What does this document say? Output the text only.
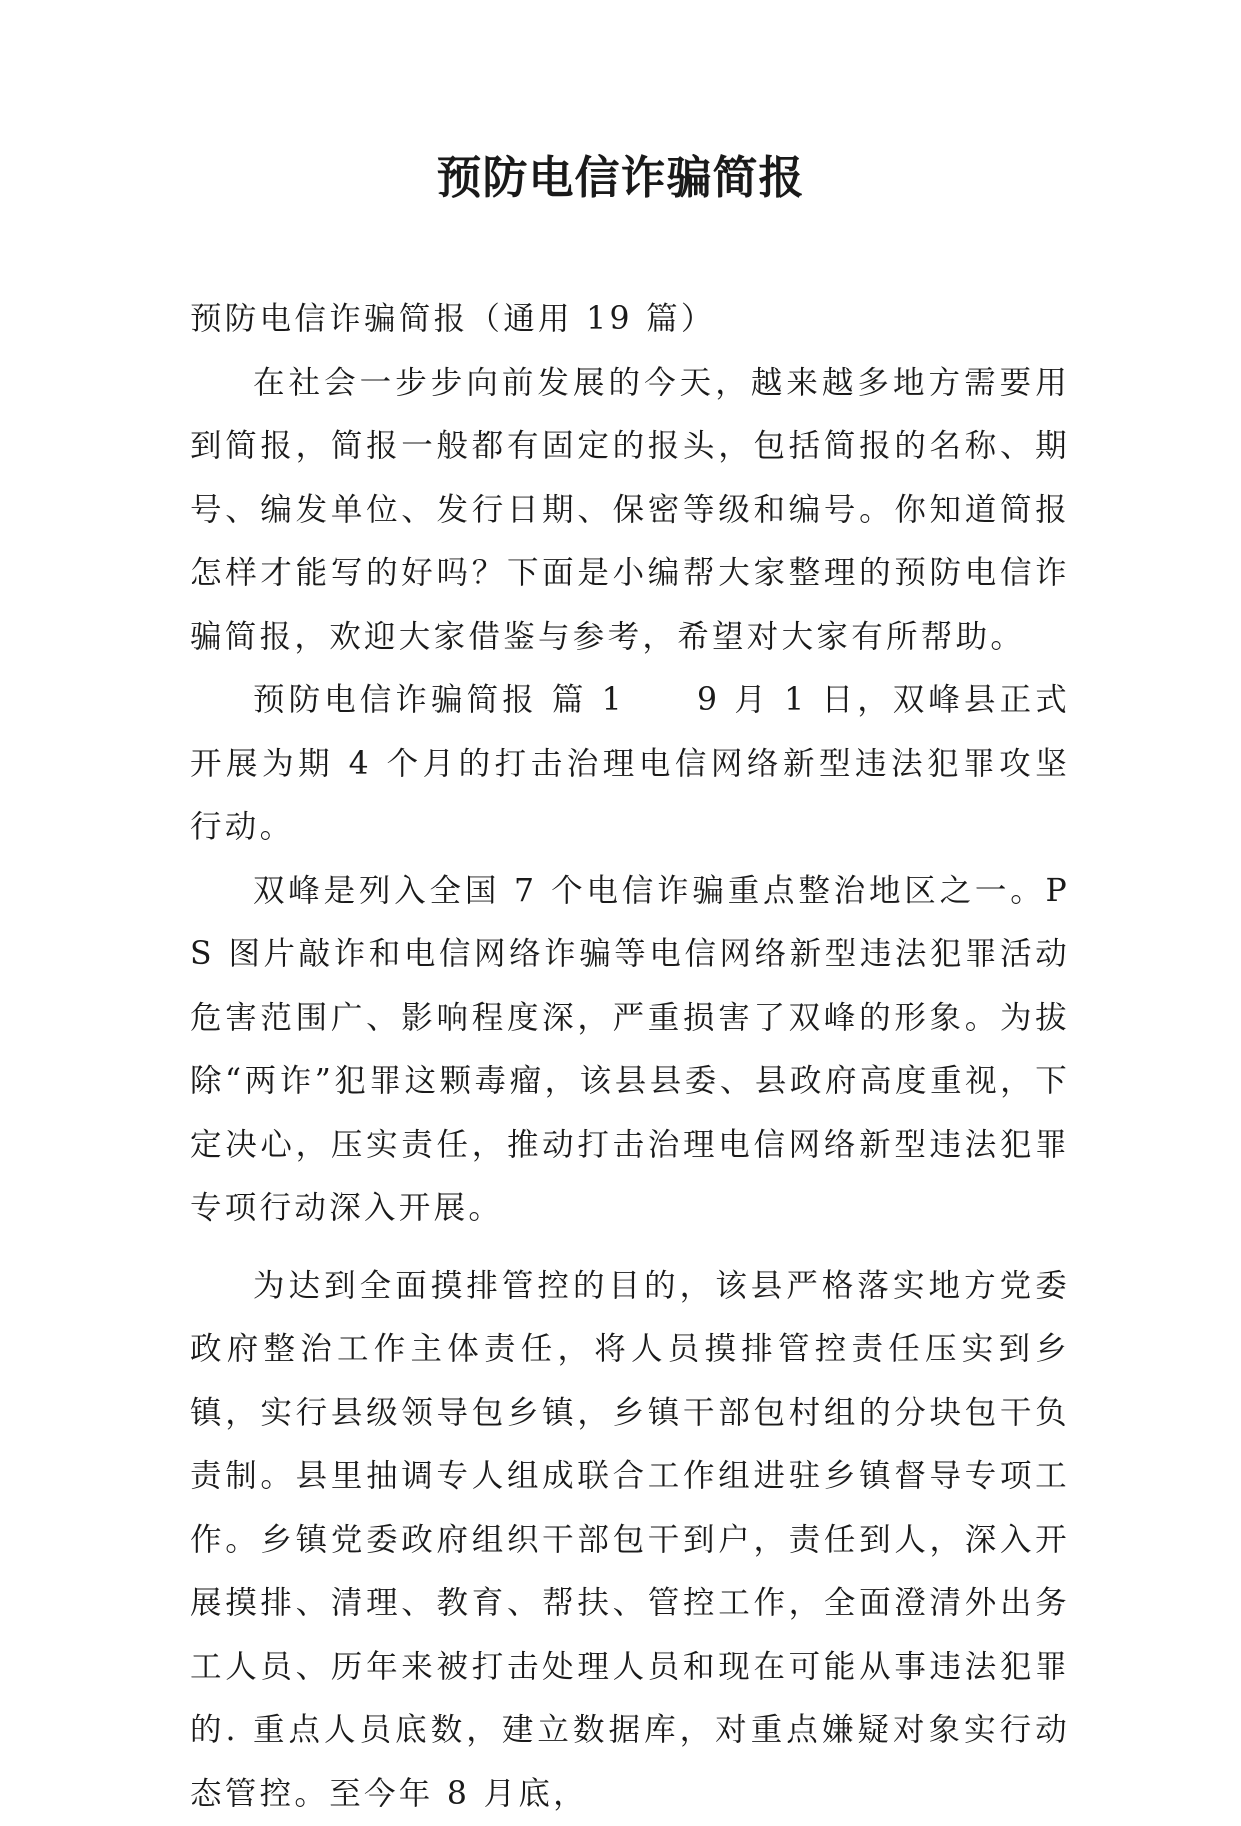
预防电信诈骗简报

预防电信诈骗简报（通用 19 篇）

在社会一步步向前发展的今天，越来越多地方需要用到简报，简报一般都有固定的报头，包括简报的名称、期号、编发单位、发行日期、保密等级和编号。你知道简报怎样才能写的好吗？下面是小编帮大家整理的预防电信诈骗简报，欢迎大家借鉴与参考，希望对大家有所帮助。

预防电信诈骗简报 篇 1　　9 月 1 日，双峰县正式开展为期 4 个月的打击治理电信网络新型违法犯罪攻坚行动。

双峰是列入全国 7 个电信诈骗重点整治地区之一。PS 图片敲诈和电信网络诈骗等电信网络新型违法犯罪活动危害范围广、影响程度深，严重损害了双峰的形象。为拔除“两诈”犯罪这颗毒瘤，该县县委、县政府高度重视，下定决心，压实责任，推动打击治理电信网络新型违法犯罪专项行动深入开展。

为达到全面摸排管控的目的，该县严格落实地方党委政府整治工作主体责任，将人员摸排管控责任压实到乡镇，实行县级领导包乡镇，乡镇干部包村组的分块包干负责制。县里抽调专人组成联合工作组进驻乡镇督导专项工作。乡镇党委政府组织干部包干到户，责任到人，深入开展摸排、清理、教育、帮扶、管控工作，全面澄清外出务工人员、历年来被打击处理人员和现在可能从事违法犯罪的. 重点人员底数，建立数据库，对重点嫌疑对象实行动态管控。至今年 8 月底，
